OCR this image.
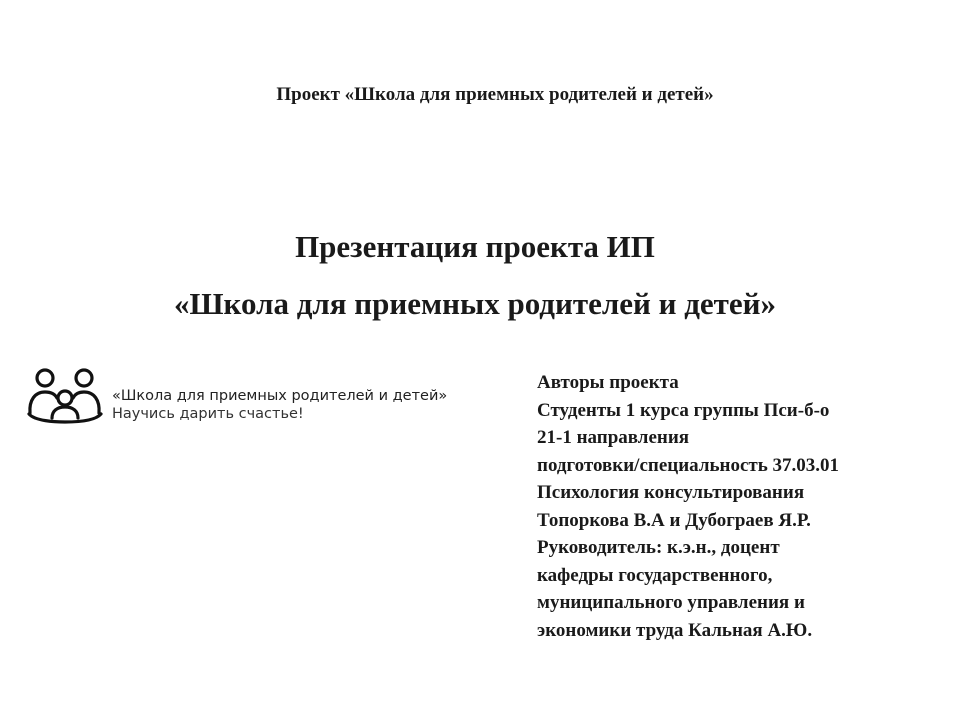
Проект «Школа для приемных родителей и детей»
Презентация проекта ИП
«Школа для приемных родителей и детей»
«Школа для приемных родителей и детей»
Научись дарить счастье!
Авторы проекта
Студенты 1 курса группы Пси-б-о
21-1 направления
подготовки/специальность 37.03.01
Психология консультирования
Топоркова В.А и Дубограев Я.Р.
Руководитель: к.э.н., доцент
кафедры государственного,
муниципального управления и
экономики труда Кальная А.Ю.
